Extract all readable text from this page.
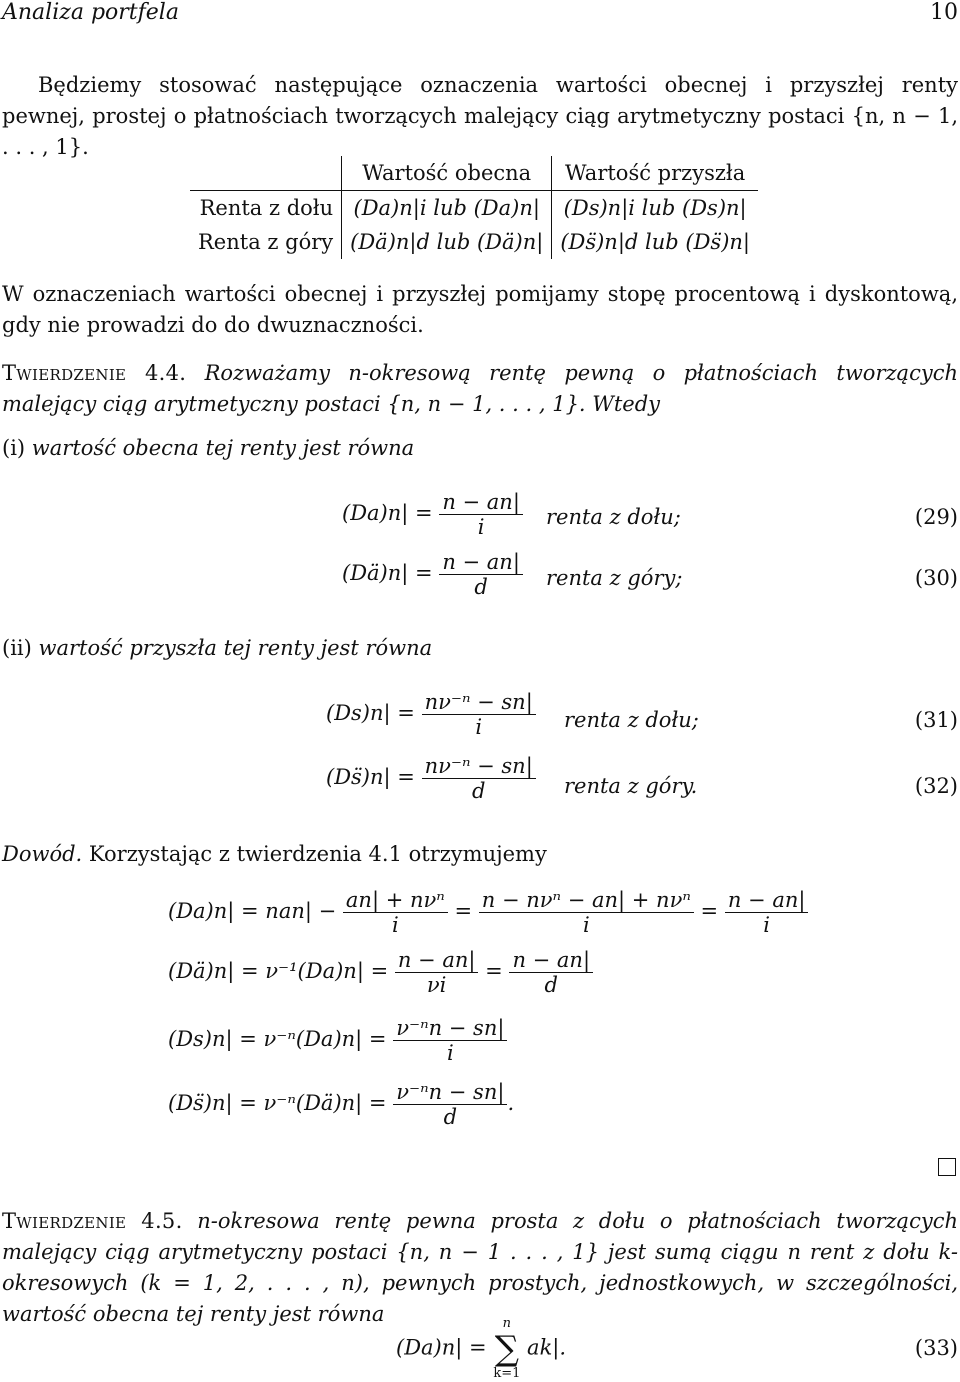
Analiza portfela	10

Będziemy stosować następujące oznaczenia wartości obecnej i przyszłej renty pewnej, prostej o płatnościach tworzących malejący ciąg arytmetyczny postaci {n, n − 1, . . . , 1}.

	Wartość obecna	Wartość przyszła
Renta z dołu	(Da)n|i lub (Da)n|	(Ds)n|i lub (Ds)n|
Renta z góry	(Dä)n|d lub (Dä)n|	(Ds̈)n|d lub (Ds̈)n|

W oznaczeniach wartości obecnej i przyszłej pomijamy stopę procentową i dyskontową, gdy nie prowadzi do do dwuznaczności.

Twierdzenie 4.4. Rozważamy n-okresową rentę pewną o płatnościach tworzących malejący ciąg arytmetyczny postaci {n, n − 1, . . . , 1}. Wtedy

(i) wartość obecna tej renty jest równa
$(Da)n| = \frac{n - an|}{i}$ renta z dołu;	(29)
(Dä)n| = $\frac{n - an|}{d}$ renta z góry;	(30)
(ii) wartość przyszła tej renty jest równa
$(Ds)n| = \frac{\text{nν⁻ⁿ − sn|}}{i}$ renta z dołu;	(31)
(Ds̈)n| = $\frac{\text{nν⁻ⁿ − sn|}}{d}$ renta z góry.	(32)
Dowód. Korzystając z twierdzenia 4.1 otrzymujemy
$(Da)n| = nan| - \frac{\text{an| + nνⁿ}}{i} = \frac{\text{n − nνⁿ − an| + nνⁿ}}{i} = \frac{n - an|}{i}$
(Dä)n| = $\nu^{-1}(Da)n| = \frac{n - an|}{\nu i} = \frac{n - an|}{d}$
$(Ds)n| = \nu^{-n}(Da)n| = \frac{\text{ν⁻ⁿn − sn|}}{i}$
(Ds̈)n| = ν⁻ⁿ(Dä)n| = $\frac{\text{ν⁻ⁿn − sn|}}{d}$ .

Twierdzenie 4.5. n-okresowa rentę pewna prosta z dołu o płatnościach tworzących malejący ciąg arytmetyczny postaci {n, n − 1 . . . , 1} jest sumą ciągu n rent z dołu k-okresowych (k = 1, 2, . . . , n), pewnych prostych, jednostkowych, w szczególności, wartość obecna tej renty jest równa

(Da)n| =
n
∑
k=1
ak|.	(33)
